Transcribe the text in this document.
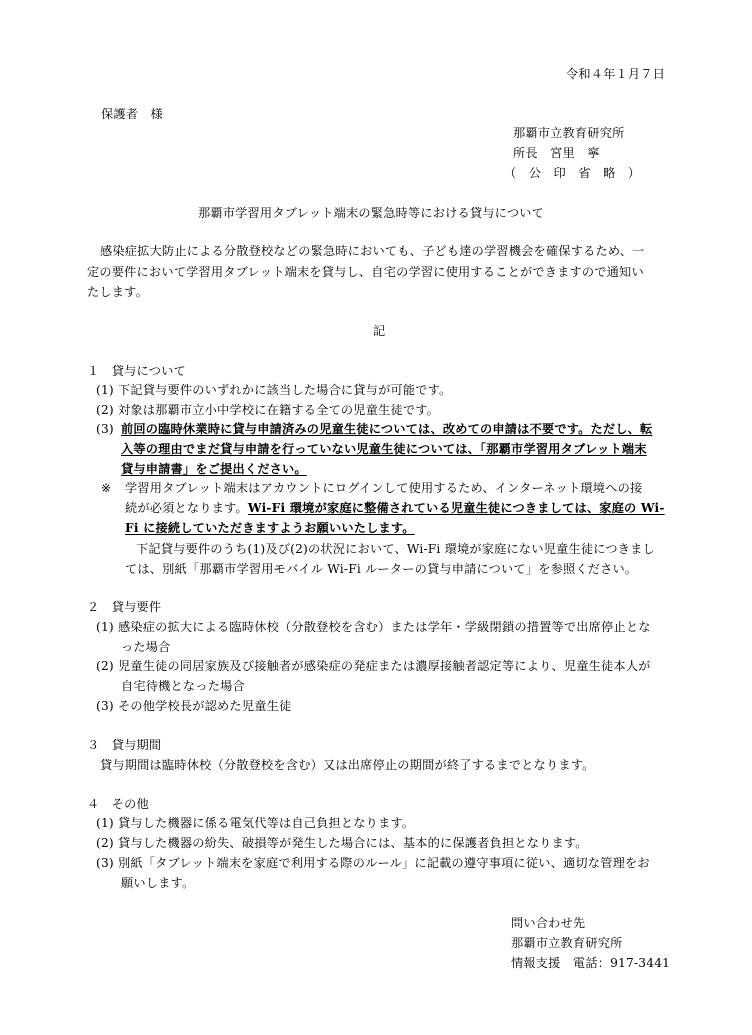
令和４年１月７日
保護者　様
那覇市立教育研究所
所長　宮里　寧
（　公　印　省　略　）
那覇市学習用タブレット端末の緊急時等における貸与について
感染症拡大防止による分散登校などの緊急時においても、子ども達の学習機会を確保するため、一
定の要件において学習用タブレット端末を貸与し、自宅の学習に使用することができますので通知い
たします。
記
１　貸与について
(1) 下記貸与要件のいずれかに該当した場合に貸与が可能です。
(2) 対象は那覇市立小中学校に在籍する全ての児童生徒です。
(3) 前回の臨時休業時に貸与申請済みの児童生徒については、改めての申請は不要です。ただし、転
入等の理由でまだ貸与申請を行っていない児童生徒については、「那覇市学習用タブレット端末
貸与申請書」をご提出ください。
※ 学習用タブレット端末はアカウントにログインして使用するため、インターネット環境への接
続が必須となります。Wi-Fi 環境が家庭に整備されている児童生徒につきましては、家庭の Wi-
Fi に接続していただきますようお願いいたします。
下記貸与要件のうち(1)及び(2)の状況において、Wi-Fi 環境が家庭にない児童生徒につきまし
ては、別紙「那覇市学習用モバイル Wi-Fi ルーターの貸与申請について」を参照ください。
２　貸与要件
(1) 感染症の拡大による臨時休校（分散登校を含む）または学年・学級閉鎖の措置等で出席停止とな
った場合
(2) 児童生徒の同居家族及び接触者が感染症の発症または濃厚接触者認定等により、児童生徒本人が
自宅待機となった場合
(3) その他学校長が認めた児童生徒
３　貸与期間
貸与期間は臨時休校（分散登校を含む）又は出席停止の期間が終了するまでとなります。
４　その他
(1) 貸与した機器に係る電気代等は自己負担となります。
(2) 貸与した機器の紛失、破損等が発生した場合には、基本的に保護者負担となります。
(3) 別紙「タブレット端末を家庭で利用する際のルール」に記載の遵守事項に従い、適切な管理をお
願いします。
問い合わせ先
那覇市立教育研究所
情報支援　電話：917-3441
